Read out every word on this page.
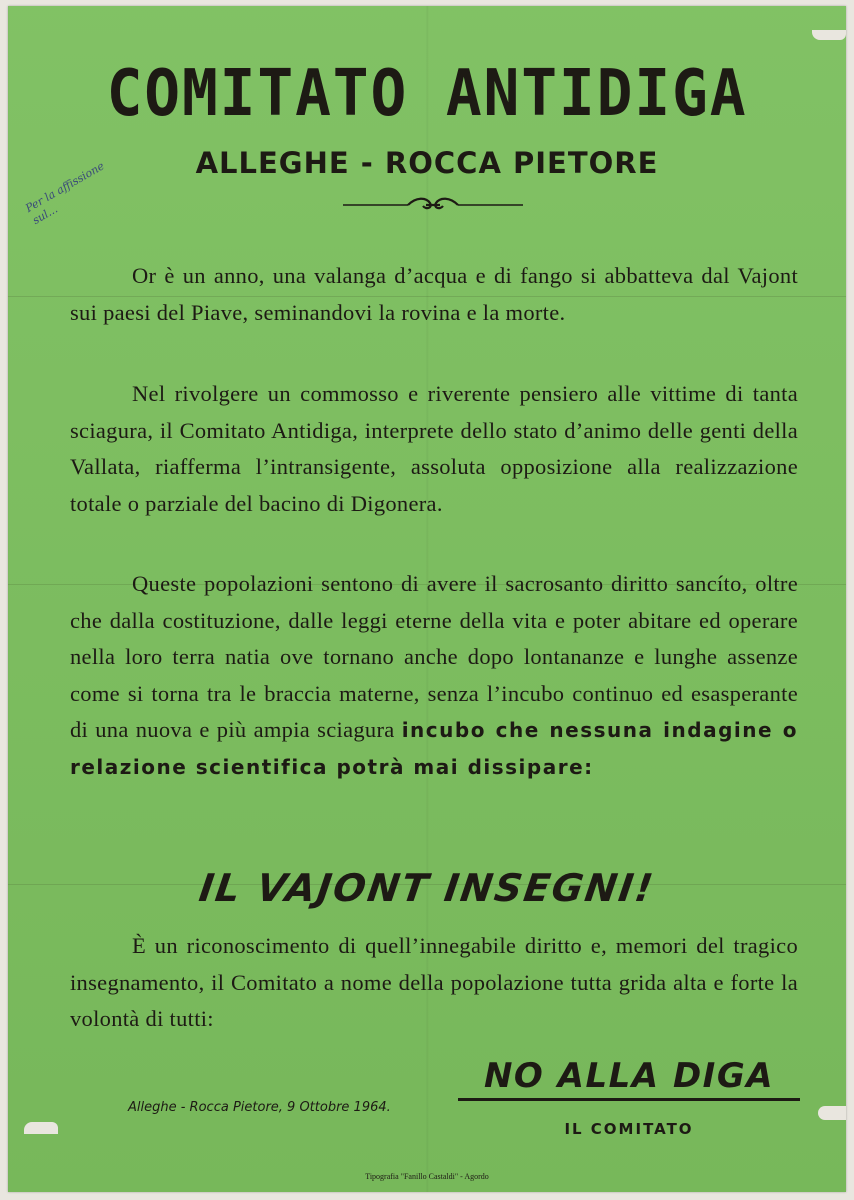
COMITATO ANTIDIGA
ALLEGHE - ROCCA PIETORE
Per la affissione sul...
Or è un anno, una valanga d’acqua e di fango si abbatteva dal Vajont sui paesi del Piave, seminandovi la rovina e la morte.
Nel rivolgere un commosso e riverente pensiero alle vittime di tanta sciagura, il Comitato Antidiga, interprete dello stato d’animo delle genti della Vallata, riafferma l’intransigente, assoluta opposizione alla realizzazione totale o parziale del bacino di Digonera.
Queste popolazioni sentono di avere il sacrosanto diritto sancíto, oltre che dalla costituzione, dalle leggi eterne della vita e poter abitare ed operare nella loro terra natia ove tornano anche dopo lontananze e lunghe assenze come si torna tra le braccia materne, senza l’incubo continuo ed esasperante di una nuova e più ampia sciagura incubo che nessuna indagine o relazione scientifica potrà mai dissipare:
IL VAJONT INSEGNI!
È un riconoscimento di quell’innegabile diritto e, memori del tragico insegnamento, il Comitato a nome della popolazione tutta grida alta e forte la volontà di tutti:
Alleghe - Rocca Pietore, 9 Ottobre 1964.
NO ALLA DIGA
IL COMITATO
Tipografia "Fanillo Castaldi" - Agordo
